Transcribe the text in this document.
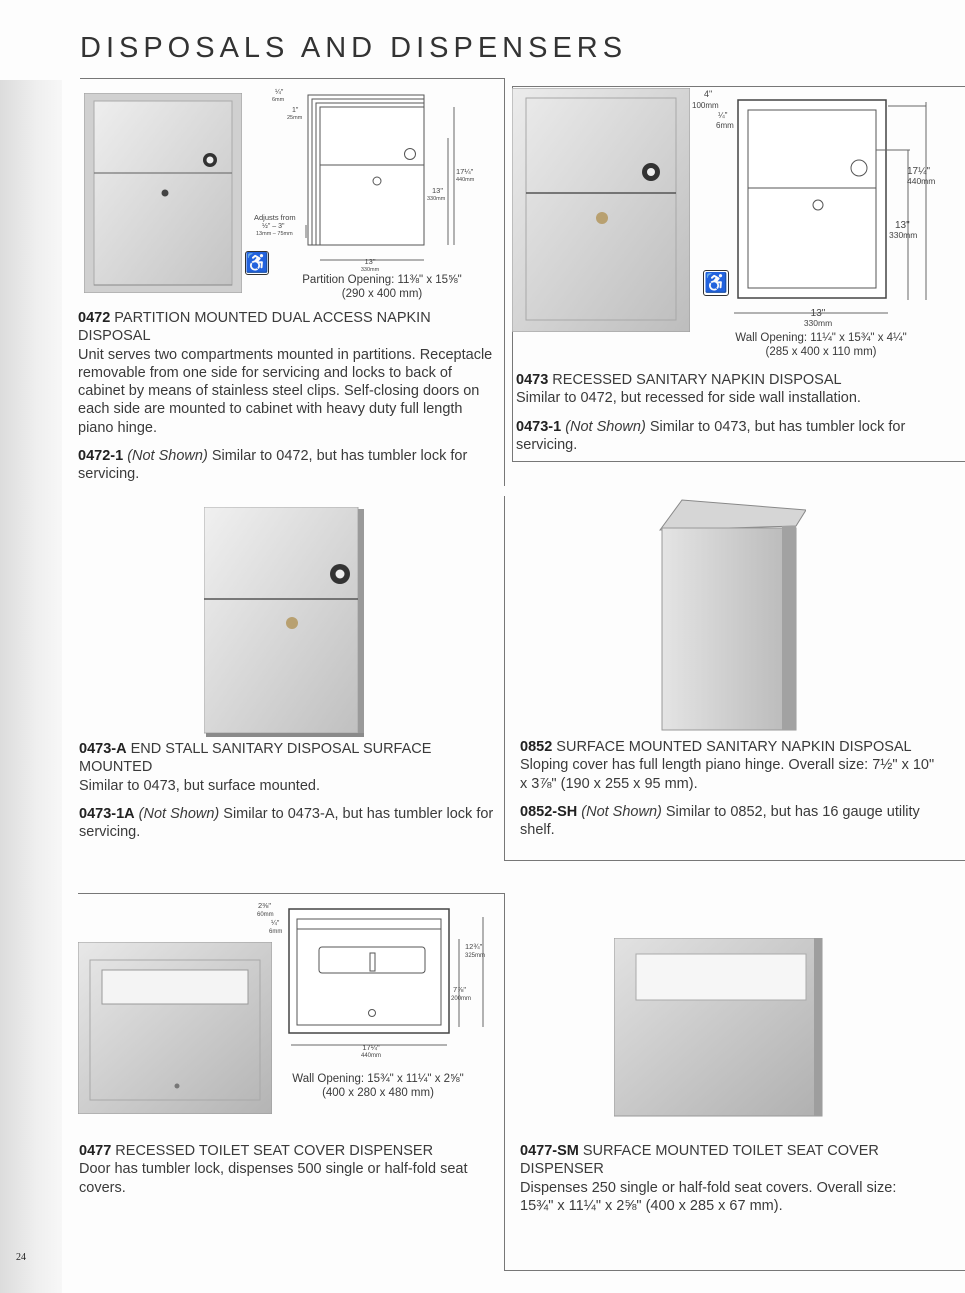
DISPOSALS AND DISPENSERS
24
♿
¼"
6mm
1"
25mm
Adjusts from
½" – 3"
13mm – 75mm
17¼"
440mm
13"
330mm
13"
330mm
Partition Opening: 11⅜" x 15⅝"
(290 x 400 mm)

0472 PARTITION MOUNTED DUAL ACCESS NAPKIN DISPOSAL

Unit serves two compartments mounted in partitions. Receptacle removable from one side for servicing and locks to back of cabinet by means of stainless steel clips. Self-closing doors on each side are mounted to cabinet with heavy duty full length piano hinge.

0472-1 (Not Shown) Similar to 0472, but has tumbler lock for servicing.

♿
4"
100mm
¼"
6mm
17¼"
440mm
13"
330mm
13"
330mm
Wall Opening: 11¼" x 15¾" x 4¼"
(285 x 400 x 110 mm)

0473 RECESSED SANITARY NAPKIN DISPOSAL

Similar to 0472, but recessed for side wall installation.

0473-1 (Not Shown) Similar to 0473, but has tumbler lock for servicing.

0473-A END STALL SANITARY DISPOSAL SURFACE MOUNTED

Similar to 0473, but surface mounted.

0473-1A (Not Shown) Similar to 0473-A, but has tumbler lock for servicing.

0852 SURFACE MOUNTED SANITARY NAPKIN DISPOSAL

Sloping cover has full length piano hinge. Overall size: 7½" x 10" x 3⅞" (190 x 255 x 95 mm).

0852-SH (Not Shown) Similar to 0852, but has 16 gauge utility shelf.

2⅜"
60mm
¼"
6mm
12¾"
325mm
7⅞"
200mm
17¼"
440mm
Wall Opening: 15¾" x 11¼" x 2⅝"
(400 x 280 x 480 mm)

0477 RECESSED TOILET SEAT COVER DISPENSER

Door has tumbler lock, dispenses 500 single or half-fold seat covers.

0477-SM SURFACE MOUNTED TOILET SEAT COVER DISPENSER

Dispenses 250 single or half-fold seat covers. Overall size: 15¾" x 11¼" x 2⅝" (400 x 285 x 67 mm).
